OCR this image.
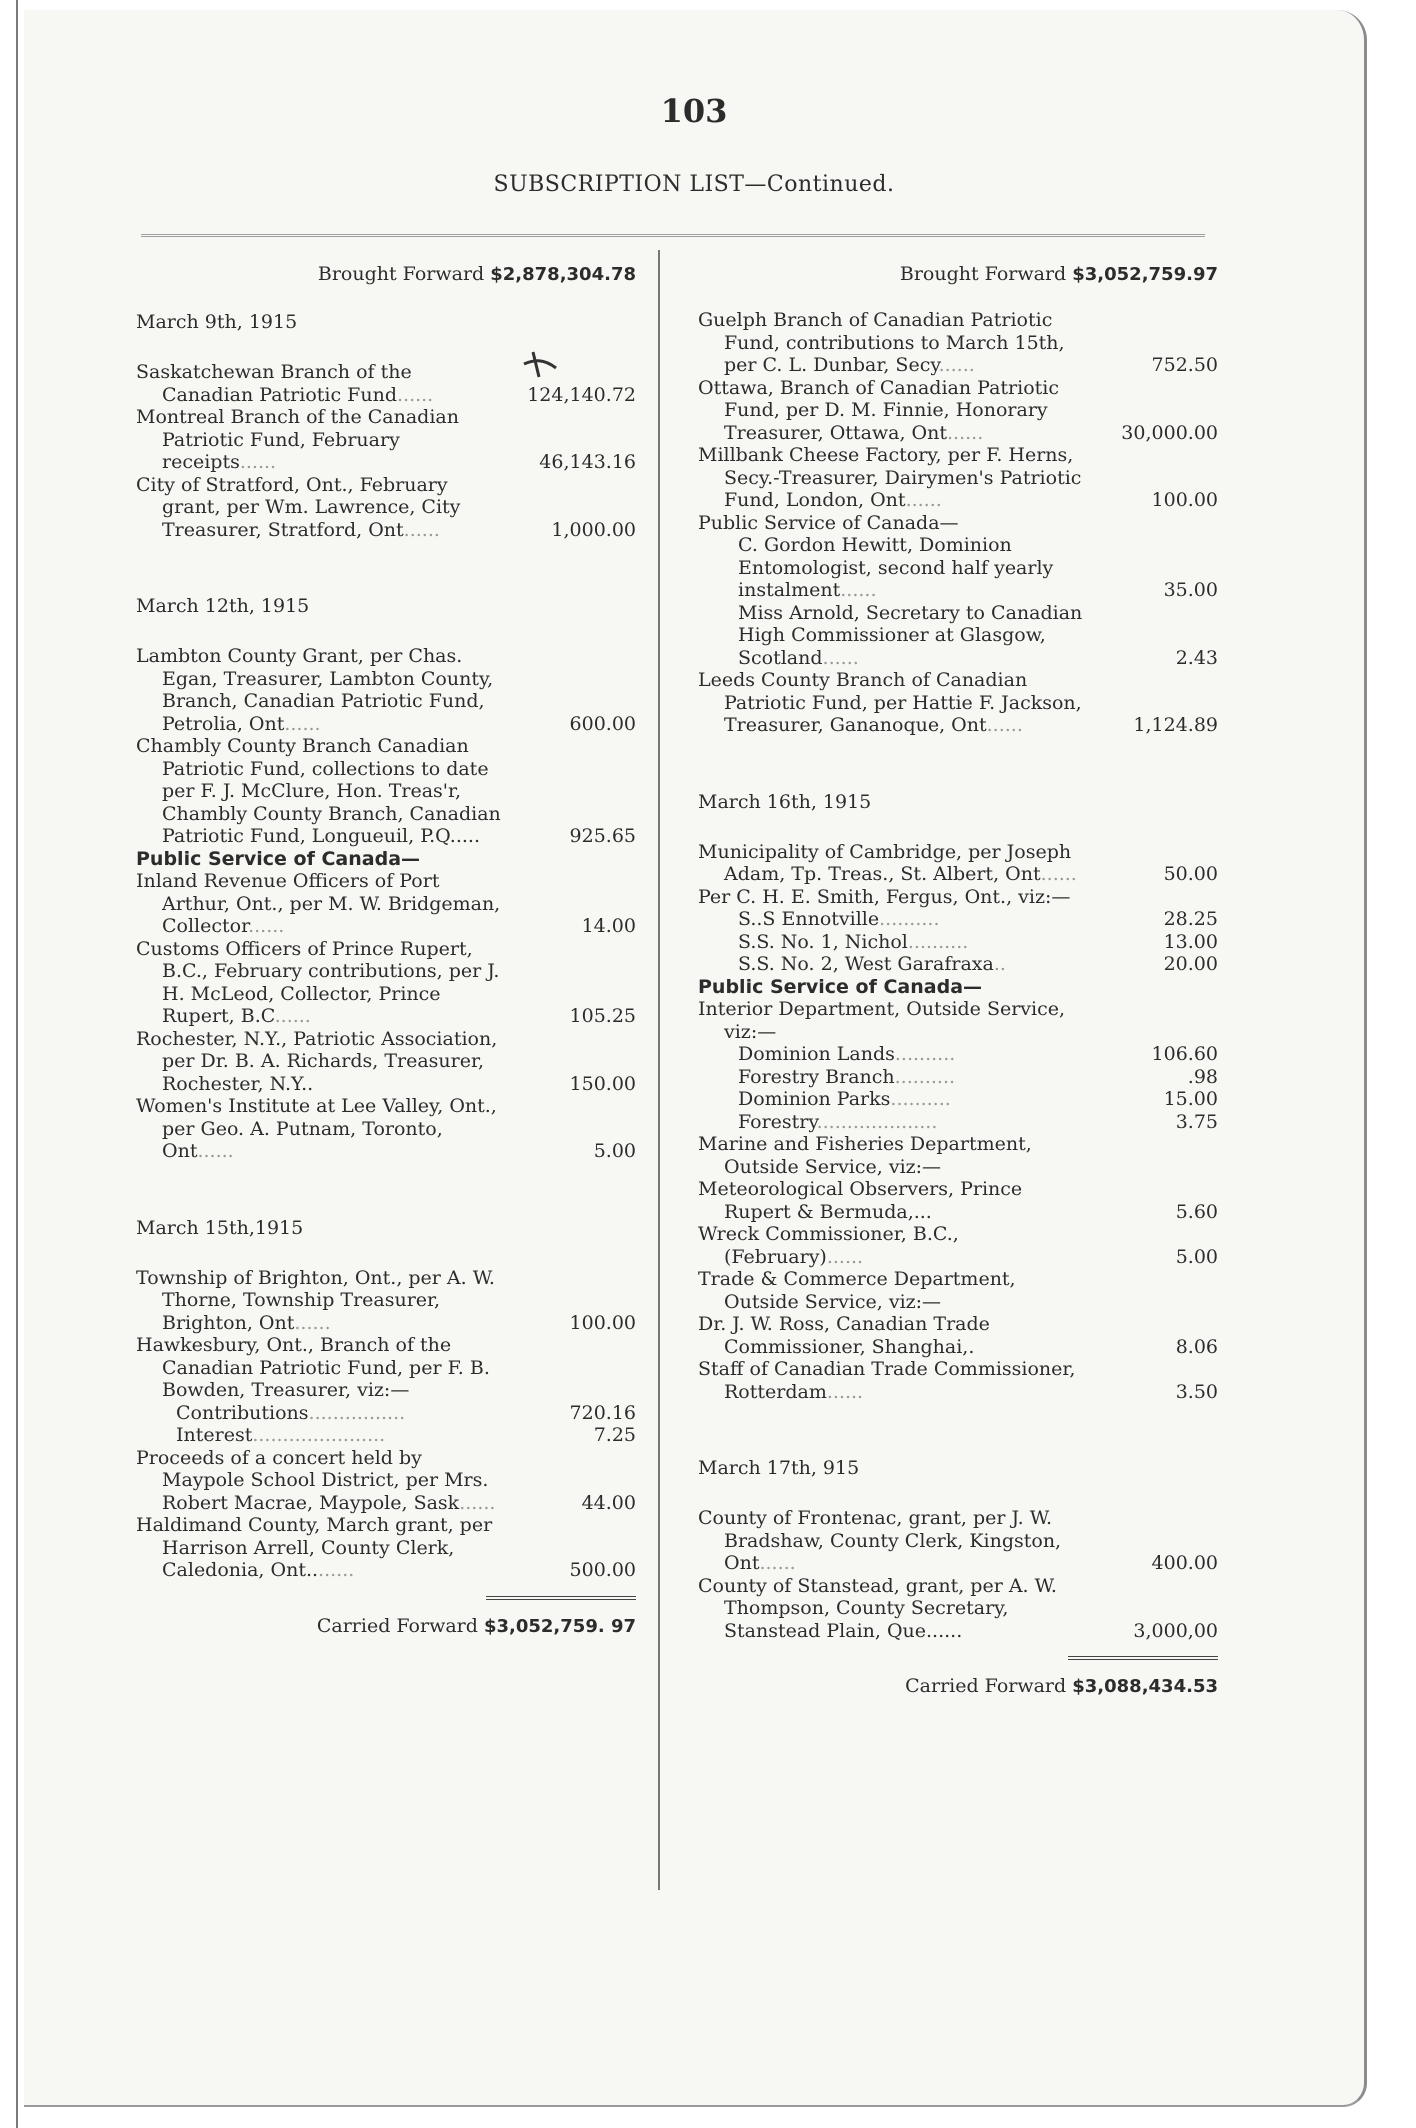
103
SUBSCRIPTION LIST—Continued.
Brought Forward $2,878,304.78
March 9th, 1915
Saskatchewan Branch of the Canadian Patriotic Fund......	124,140.72
Montreal Branch of the Canadian Patriotic Fund, February receipts......	46,143.16
City of Stratford, Ont., February grant, per Wm. Lawrence, City Treasurer, Stratford, Ont......	1,000.00
March 12th, 1915
Lambton County Grant, per Chas. Egan, Treasurer, Lambton County, Branch, Canadian Patriotic Fund, Petrolia, Ont......	600.00
Chambly County Branch Canadian Patriotic Fund, collections to date per F. J. McClure, Hon. Treas'r, Chambly County Branch, Canadian Patriotic Fund, Longueuil, P.Q.....	925.65
Public Service of Canada—
Inland Revenue Officers of Port Arthur, Ont., per M. W. Bridgeman, Collector......	14.00
Customs Officers of Prince Rupert, B.C., February contributions, per J. H. McLeod, Collector, Prince Rupert, B.C......	105.25
Rochester, N.Y., Patriotic Association, per Dr. B. A. Richards, Treasurer, Rochester, N.Y..	150.00
Women's Institute at Lee Valley, Ont., per Geo. A. Putnam, Toronto, Ont......	5.00
March 15th,1915
Township of Brighton, Ont., per A. W. Thorne, Township Treasurer, Brighton, Ont......	100.00
Hawkesbury, Ont., Branch of the Canadian Patriotic Fund, per F. B. Bowden, Treasurer, viz:—
Contributions................	720.16
Interest......................	7.25
Proceeds of a concert held by Maypole School District, per Mrs. Robert Macrae, Maypole, Sask......	44.00
Haldimand County, March grant, per Harrison Arrell, County Clerk, Caledonia, Ont........	500.00
Carried Forward $3,052,759. 97
Brought Forward $3,052,759.97
Guelph Branch of Canadian Patriotic Fund, contributions to March 15th, per C. L. Dunbar, Secy......	752.50
Ottawa, Branch of Canadian Patriotic Fund, per D. M. Finnie, Honorary Treasurer, Ottawa, Ont......	30,000.00
Millbank Cheese Factory, per F. Herns, Secy.-Treasurer, Dairymen's Patriotic Fund, London, Ont......	100.00
Public Service of Canada—
C. Gordon Hewitt, Dominion Entomologist, second half yearly instalment......	35.00
Miss Arnold, Secretary to Canadian High Commissioner at Glasgow, Scotland......	2.43
Leeds County Branch of Canadian Patriotic Fund, per Hattie F. Jackson, Treasurer, Gananoque, Ont......	1,124.89
March 16th, 1915
Municipality of Cambridge, per Joseph Adam, Tp. Treas., St. Albert, Ont......	50.00
Per C. H. E. Smith, Fergus, Ont., viz:—
S..S Ennotville..........	28.25
S.S. No. 1, Nichol..........	13.00
S.S. No. 2, West Garafraxa..	20.00
Public Service of Canada—
Interior Department, Outside Service, viz:—
Dominion Lands..........	106.60
Forestry Branch..........	.98
Dominion Parks..........	15.00
Forestry....................	3.75
Marine and Fisheries Department, Outside Service, viz:—
Meteorological Observers, Prince Rupert & Bermuda,...	5.60
Wreck Commissioner, B.C., (February)......	5.00
Trade & Commerce Department, Outside Service, viz:—
Dr. J. W. Ross, Canadian Trade Commissioner, Shanghai,.	8.06
Staff of Canadian Trade Commissioner, Rotterdam......	3.50
March 17th, 915
County of Frontenac, grant, per J. W. Bradshaw, County Clerk, Kingston, Ont......	400.00
County of Stanstead, grant, per A. W. Thompson, County Secretary, Stanstead Plain, Que......	3,000,00
Carried Forward $3,088,434.53
